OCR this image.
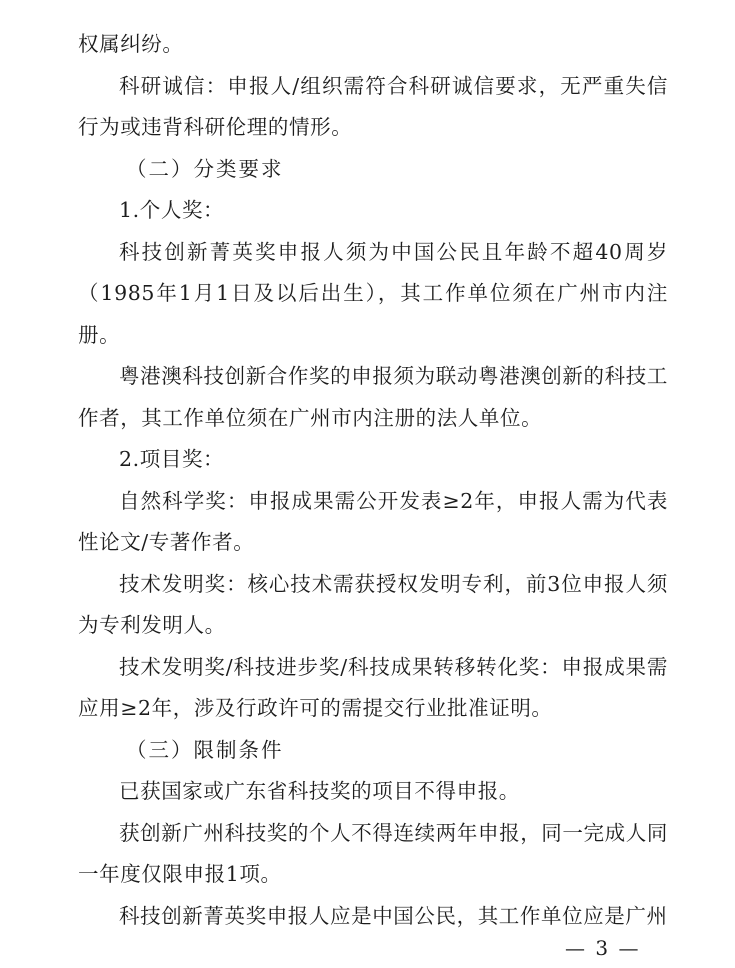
权属纠纷。

科研诚信：申报人/组织需符合科研诚信要求，无严重失信行为或违背科研伦理的情形。

（二）分类要求

1.个人奖：

科技创新菁英奖申报人须为中国公民且年龄不超40周岁（1985年1月1日及以后出生），其工作单位须在广州市内注册。

粤港澳科技创新合作奖的申报须为联动粤港澳创新的科技工作者，其工作单位须在广州市内注册的法人单位。

2.项目奖：

自然科学奖：申报成果需公开发表≥2年，申报人需为代表性论文/专著作者。

技术发明奖：核心技术需获授权发明专利，前3位申报人须为专利发明人。

技术发明奖/科技进步奖/科技成果转移转化奖：申报成果需应用≥2年，涉及行政许可的需提交行业批准证明。

（三）限制条件

已获国家或广东省科技奖的项目不得申报。

获创新广州科技奖的个人不得连续两年申报，同一完成人同一年度仅限申报1项。

科技创新菁英奖申报人应是中国公民，其工作单位应是广州

— 3 —
